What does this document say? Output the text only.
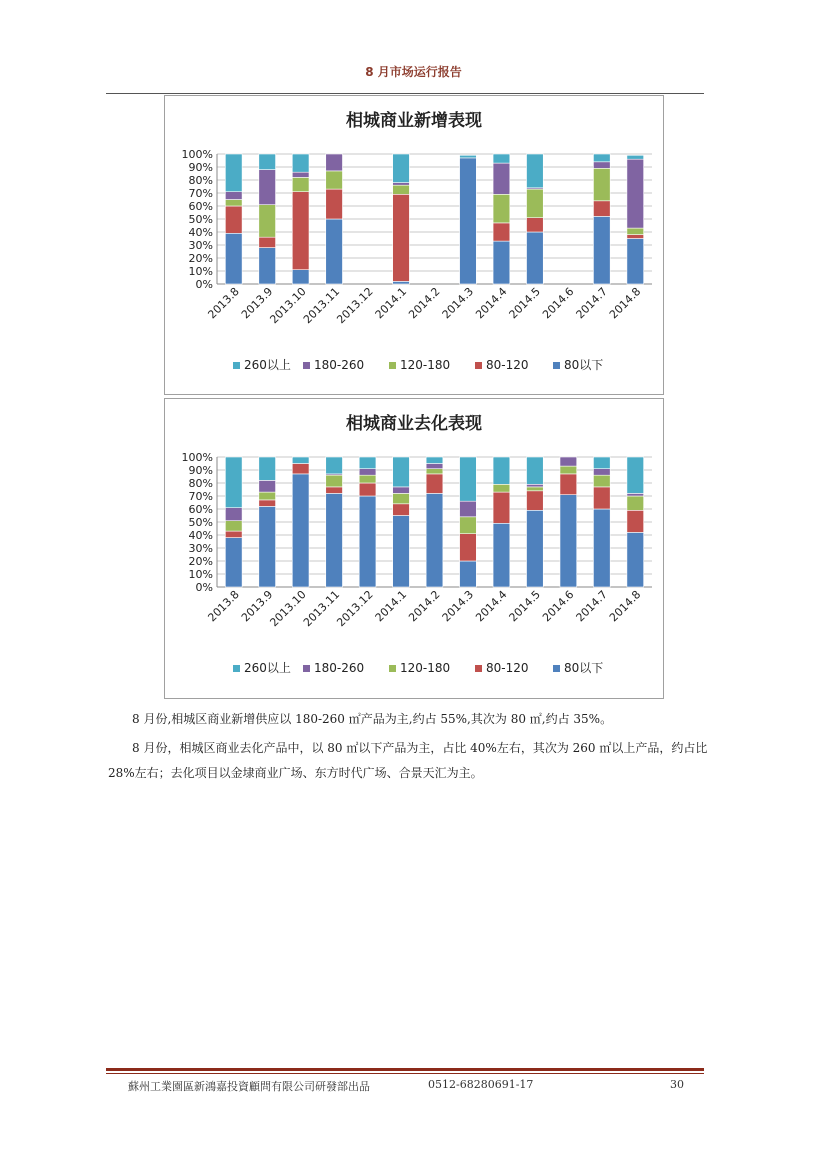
8 月市场运行报告
相城商业新增表现
0%
10%
20%
30%
40%
50%
60%
70%
80%
90%
100%
2013.8
2013.9
2013.10
2013.11
2013.12
2014.1
2014.2
2014.3
2014.4
2014.5
2014.6
2014.7
2014.8
260以上 180-260	120-180	80-120	80以下
相城商业去化表现
0%
10%
20%
30%
40%
50%
60%
70%
80%
90%
100%
2013.8
2013.9
2013.10
2013.11
2013.12
2014.1
2014.2
2014.3
2014.4
2014.5
2014.6
2014.7
2014.8
260以上 180-260	120-180	80-120	80以下

8 月份,相城区商业新增供应以 180-260 ㎡产品为主,约占 55%,其次为 80 ㎡,约占 35%。

8 月份，相城区商业去化产品中，以 80 ㎡以下产品为主，占比 40%左右，其次为 260 ㎡以上产品，约占比 28%左右；去化项目以金埭商业广场、东方时代广场、合景天汇为主。

蘇州工業園區新鴻嘉投資顧問有限公司研發部出品	0512-68280691-17	30
